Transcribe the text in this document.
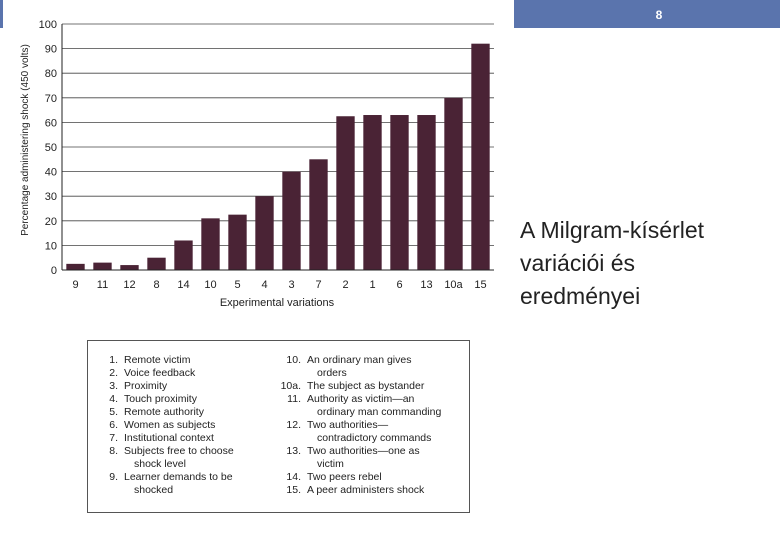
8
0
10
20
30
40
50
60
70
80
90
100
9 11 12 8 14 10 5 4 3 7 2 1 6 13 10a 15
Experimental variations
Percentage administering shock (450 volts)	A Milgram-kísérlet
variációi és
eredményei
1. Remote victim
2. Voice feedback
3. Proximity
4. Touch proximity
5. Remote authority
6. Women as subjects
7. Institutional context
8. Subjects free to choose
shock level
9. Learner demands to be
shocked
10. An ordinary man gives
orders
10a. The subject as bystander
11. Authority as victim—an
ordinary man commanding
12. Two authorities—
contradictory commands
13. Two authorities—one as
victim
14. Two peers rebel
15. A peer administers shock
